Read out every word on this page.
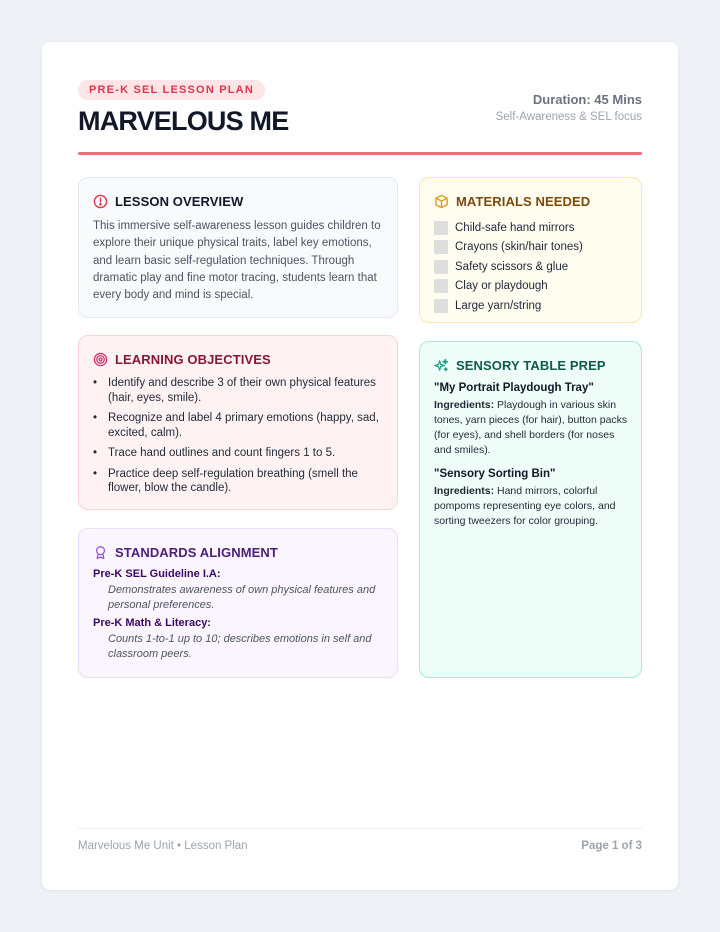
PRE-K SEL LESSON PLAN
MARVELOUS ME
Duration: 45 Mins
Self-Awareness & SEL focus
LESSON OVERVIEW

This immersive self-awareness lesson guides children to explore their unique physical traits, label key emotions, and learn basic self-regulation techniques. Through dramatic play and fine motor tracing, students learn that every body and mind is special.

MATERIALS NEEDED
Child-safe hand mirrors
Crayons (skin/hair tones)
Safety scissors & glue
Clay or playdough
Large yarn/string
LEARNING OBJECTIVES
• Identify and describe 3 of their own physical features (hair, eyes, smile).
• Recognize and label 4 primary emotions (happy, sad, excited, calm).
• Trace hand outlines and count fingers 1 to 5.
• Practice deep self-regulation breathing (smell the flower, blow the candle).
SENSORY TABLE PREP
"My Portrait Playdough Tray"
Ingredients: Playdough in various skin tones, yarn pieces (for hair), button packs (for eyes), and shell borders (for noses and smiles).
"Sensory Sorting Bin"
Ingredients: Hand mirrors, colorful pompoms representing eye colors, and sorting tweezers for color grouping.
STANDARDS ALIGNMENT
Pre-K SEL Guideline I.A:
Demonstrates awareness of own physical features and personal preferences.
Pre-K Math & Literacy:
Counts 1-to-1 up to 10; describes emotions in self and classroom peers.
Marvelous Me Unit • Lesson Plan	Page 1 of 3
